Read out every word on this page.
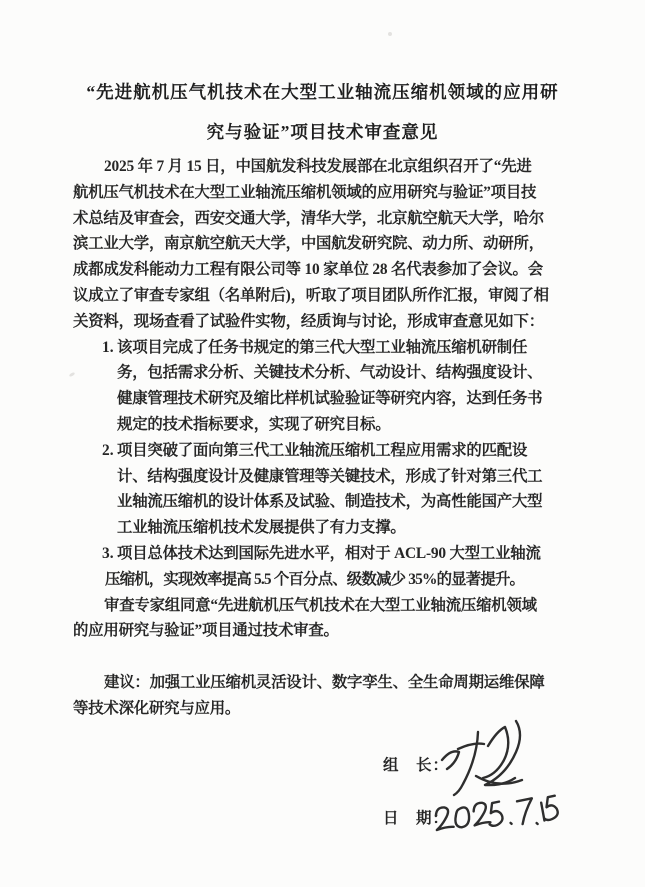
“先进航机压气机技术在大型工业轴流压缩机领域的应用研
究与验证”项目技术审查意见
2025 年 7 月 15 日，中国航发科技发展部在北京组织召开了“先进
航机压气机技术在大型工业轴流压缩机领域的应用研究与验证”项目技
术总结及审查会，西安交通大学，清华大学，北京航空航天大学，哈尔
滨工业大学，南京航空航天大学，中国航发研究院、动力所、动研所，
成都成发科能动力工程有限公司等 10 家单位 28 名代表参加了会议。会
议成立了审查专家组（名单附后)，听取了项目团队所作汇报，审阅了相
关资料，现场查看了试验件实物，经质询与讨论，形成审查意见如下：
1. 该项目完成了任务书规定的第三代大型工业轴流压缩机研制任
务，包括需求分析、关键技术分析、气动设计、结构强度设计、
健康管理技术研究及缩比样机试验验证等研究内容，达到任务书
规定的技术指标要求，实现了研究目标。
2. 项目突破了面向第三代工业轴流压缩机工程应用需求的匹配设
计、结构强度设计及健康管理等关键技术，形成了针对第三代工
业轴流压缩机的设计体系及试验、制造技术，为高性能国产大型
工业轴流压缩机技术发展提供了有力支撑。
3. 项目总体技术达到国际先进水平，相对于 ACL-90 大型工业轴流
压缩机，实现效率提高 5.5 个百分点、级数减少 35%的显著提升。
审查专家组同意“先进航机压气机技术在大型工业轴流压缩机领域
的应用研究与验证”项目通过技术审查。
建议：加强工业压缩机灵活设计、数字孪生、全生命周期运维保障
等技术深化研究与应用。
组　长：
日　期：
